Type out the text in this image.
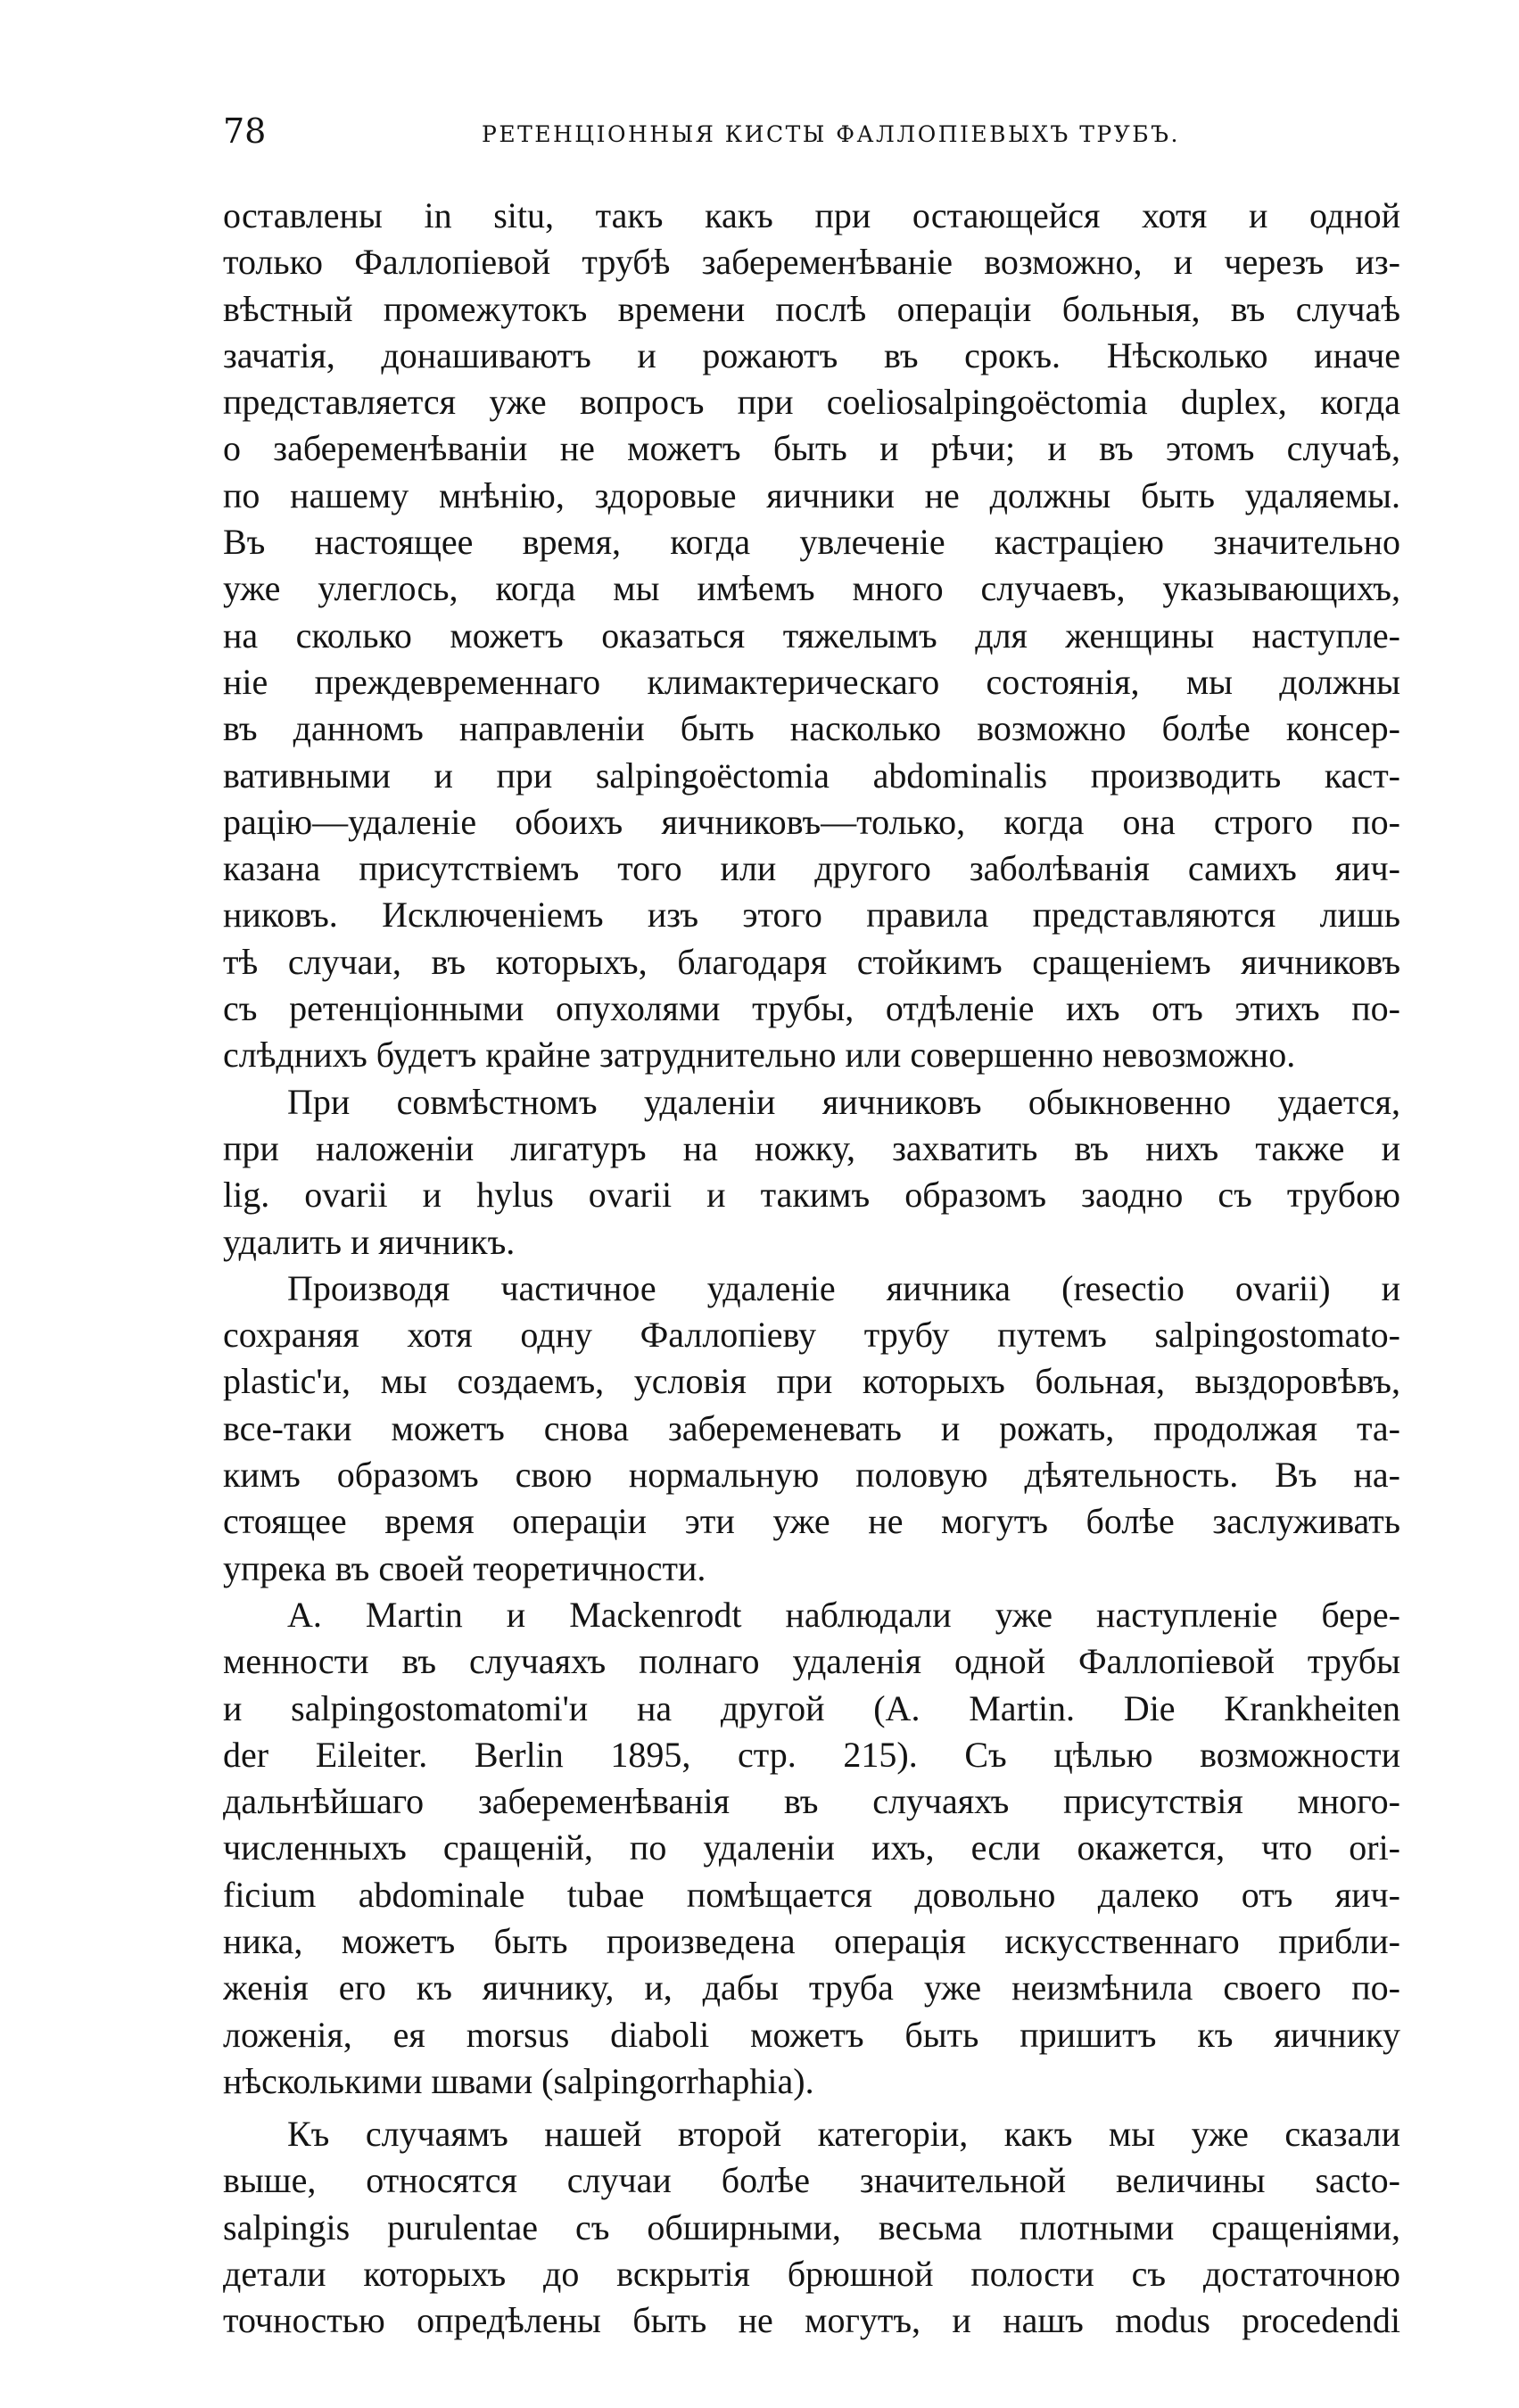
78	РЕТЕНЦІОННЫЯ КИСТЫ ФАЛЛОПІЕВЫХЪ ТРУБЪ.
оставлены in situ, такъ какъ при остающейся хотя и одной
только Фаллопіевой трубѣ забеременѣваніе возможно, и черезъ из-
вѣстный промежутокъ времени послѣ операціи больныя, въ случаѣ
зачатія, донашиваютъ и рожаютъ въ срокъ. Нѣсколько иначе
представляется уже вопросъ при coeliosalpingoëctomia duplex, когда
о забеременѣваніи не можетъ быть и рѣчи; и въ этомъ случаѣ,
по нашему мнѣнію, здоровые яичники не должны быть удаляемы.
Въ настоящее время, когда увлеченіе кастраціею значительно
уже улеглось, когда мы имѣемъ много случаевъ, указывающихъ,
на сколько можетъ оказаться тяжелымъ для женщины наступле-
ніе преждевременнаго климактерическаго состоянія, мы должны
въ данномъ направленіи быть насколько возможно болѣе консер-
вативными и при salpingoëctomia abdominalis производить каст-
рацію—удаленіе обоихъ яичниковъ—только, когда она строго по-
казана присутствіемъ того или другого заболѣванія самихъ яич-
никовъ. Исключеніемъ изъ этого правила представляются лишь
тѣ случаи, въ которыхъ, благодаря стойкимъ сращеніемъ яичниковъ
съ ретенціонными опухолями трубы, отдѣленіе ихъ отъ этихъ по-
слѣднихъ будетъ крайне затруднительно или совершенно невозможно.
При совмѣстномъ удаленіи яичниковъ обыкновенно удается,
при наложеніи лигатуръ на ножку, захватить въ нихъ также и
lig. ovarii и hylus ovarii и такимъ образомъ заодно съ трубою
удалить и яичникъ.
Производя частичное удаленіе яичника (resectio ovarii) и
сохраняя хотя одну Фаллопіеву трубу путемъ salpingostomato-
plastic'и, мы создаемъ, условія при которыхъ больная, выздоровѣвъ,
все-таки можетъ снова забеременевать и рожать, продолжая та-
кимъ образомъ свою нормальную половую дѣятельность. Въ на-
стоящее время операціи эти уже не могутъ болѣе заслуживать
упрека въ своей теоретичности.
A. Martin и Mackenrodt наблюдали уже наступленіе бере-
менности въ случаяхъ полнаго удаленія одной Фаллопіевой трубы
и salpingostomatomi'и на другой (A. Martin. Die Krankheiten
der Eileiter. Berlin 1895, стр. 215). Съ цѣлью возможности
дальнѣйшаго забеременѣванія въ случаяхъ присутствія много-
численныхъ сращеній, по удаленіи ихъ, если окажется, что ori-
ficium abdominale tubae помѣщается довольно далеко отъ яич-
ника, можетъ быть произведена операція искусственнаго прибли-
женія его къ яичнику, и, дабы труба уже неизмѣнила своего по-
ложенія, ея morsus diaboli можетъ быть пришитъ къ яичнику
нѣсколькими швами (salpingorrhaphia).
Къ случаямъ нашей второй категоріи, какъ мы уже сказали
выше, относятся случаи болѣе значительной величины sacto-
salpingis purulentae съ обширными, весьма плотными сращеніями,
детали которыхъ до вскрытія брюшной полости съ достаточною
точностью опредѣлены быть не могутъ, и нашъ modus procedendi
